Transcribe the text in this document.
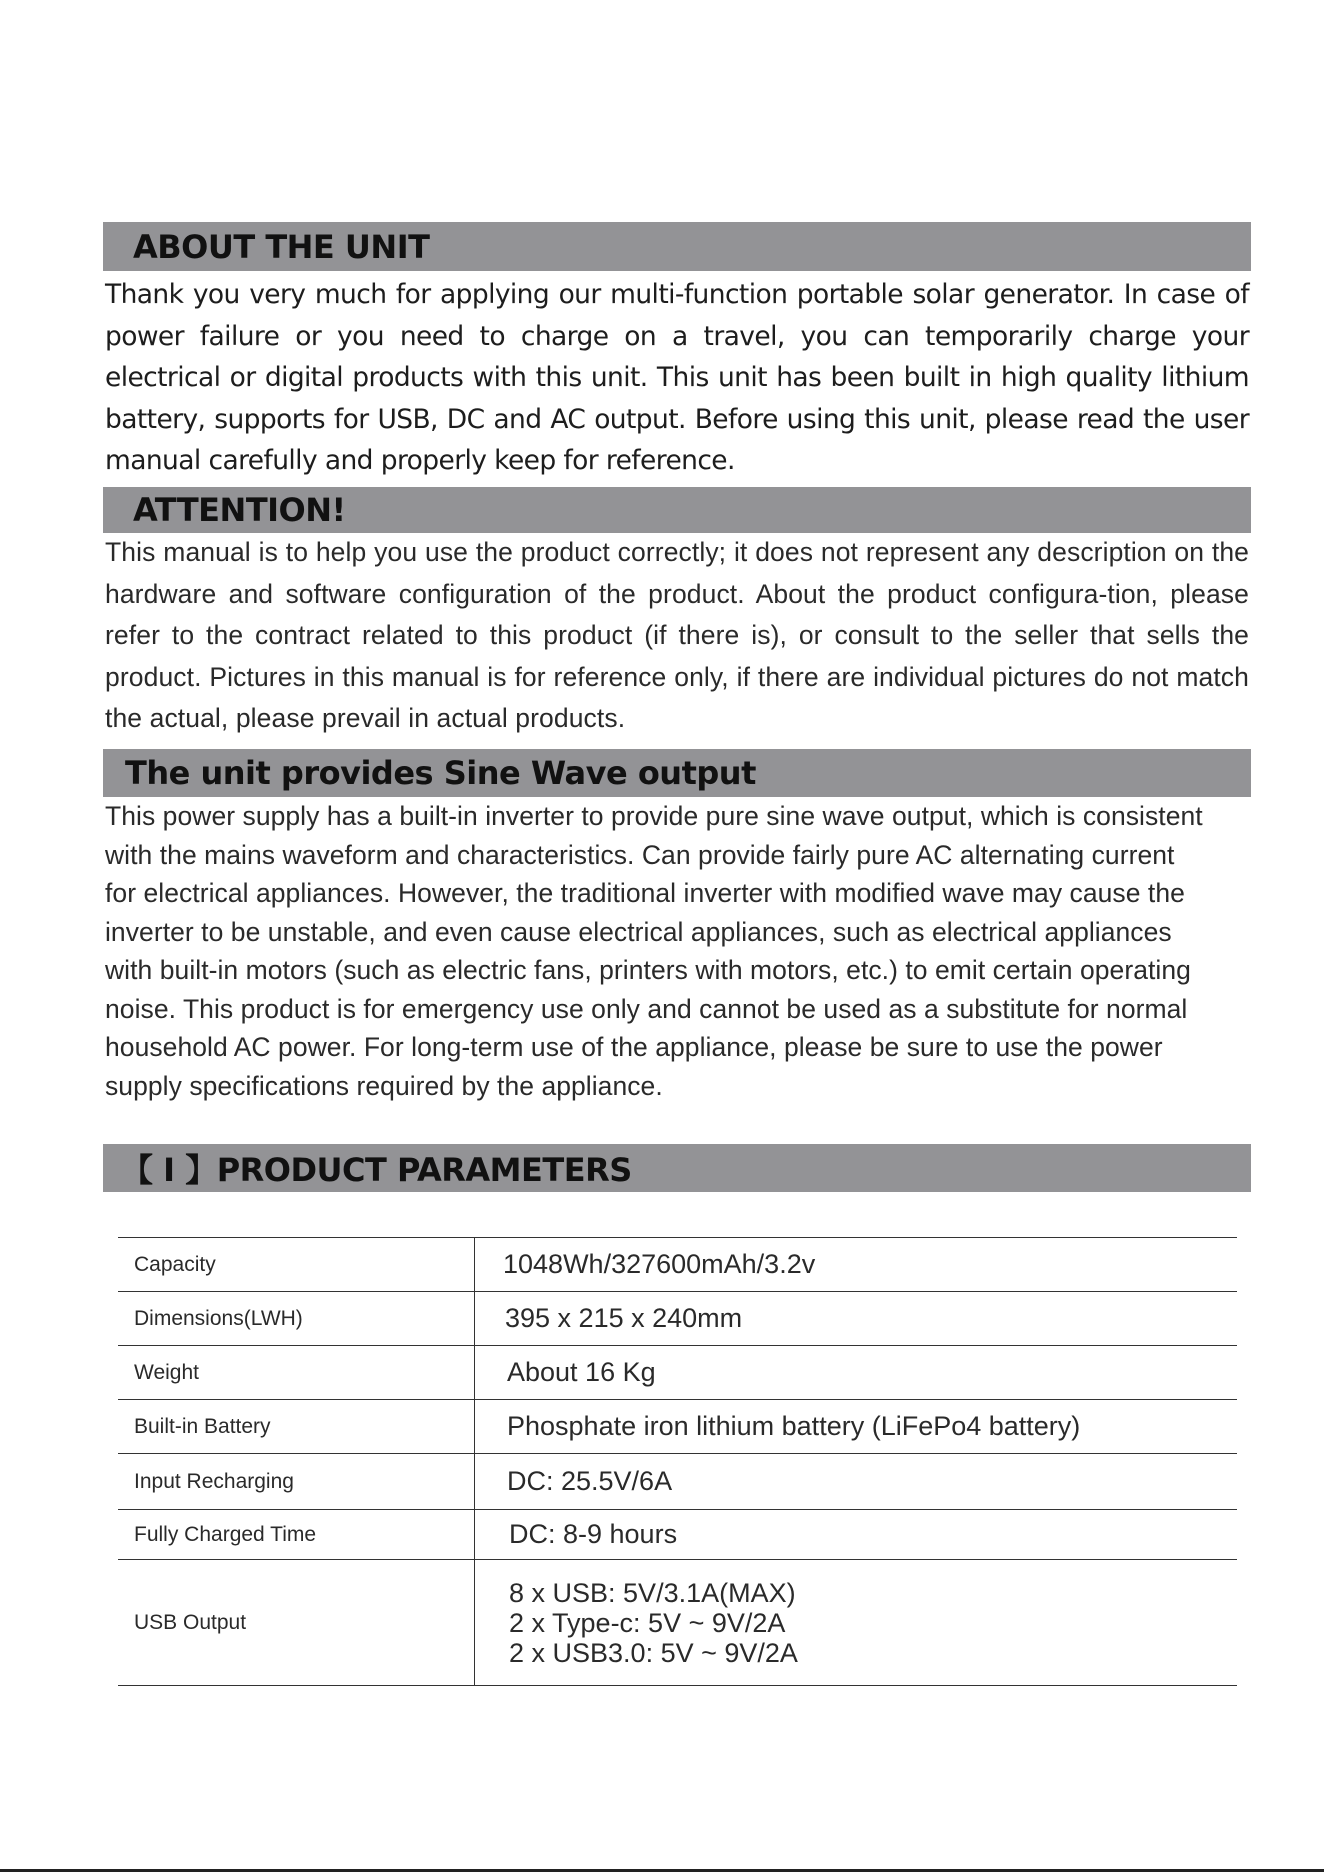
ABOUT THE UNIT

Thank you very much for applying our multi-function portable solar generator. In case of power failure or you need to charge on a travel, you can temporarily charge your electrical or digital products with this unit. This unit has been built in high quality lithium battery, supports for USB, DC and AC output. Before using this unit, please read the user manual carefully and properly keep for reference.

ATTENTION!

This manual is to help you use the product correctly; it does not represent any description on the hardware and software configuration of the product. About the product configura-tion, please refer to the contract related to this product (if there is), or consult to the seller that sells the product. Pictures in this manual is for reference only, if there are individual pictures do not match the actual, please prevail in actual products.

The unit provides Sine Wave output

This power supply has a built-in inverter to provide pure sine wave output, which is consistent with the mains waveform and characteristics. Can provide fairly pure AC alternating current for electrical appliances. However, the traditional inverter with modified wave may cause the inverter to be unstable, and even cause electrical appliances, such as electrical appliances with built-in motors (such as electric fans, printers with motors, etc.) to emit certain operating noise. This product is for emergency use only and cannot be used as a substitute for normal household AC power. For long-term use of the appliance, please be sure to use the power supply specifications required by the appliance.

【 I 】PRODUCT PARAMETERS
Capacity	1048Wh/327600mAh/3.2v
Dimensions(LWH)	395 x 215 x 240mm
Weight	About 16 Kg
Built-in Battery	Phosphate iron lithium battery (LiFePo4 battery)
Input Recharging	DC: 25.5V/6A
Fully Charged Time	DC: 8-9 hours
USB Output	8 x USB: 5V/3.1A(MAX)
2 x Type-c: 5V ~ 9V/2A
2 x USB3.0: 5V ~ 9V/2A
